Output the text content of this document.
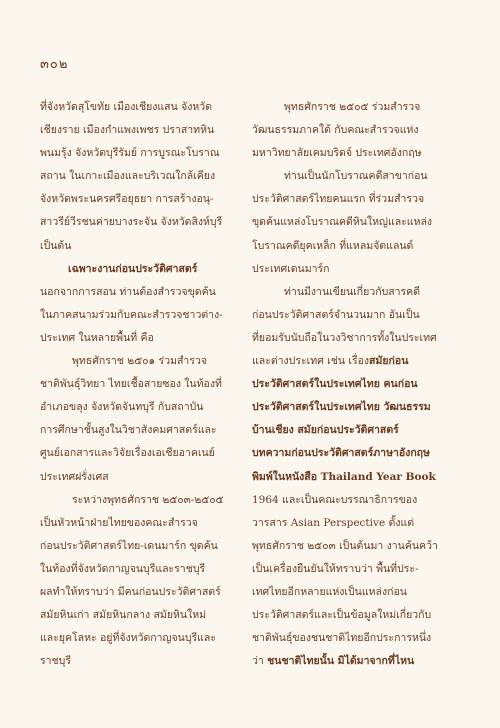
๓๐๒
ที่จังหวัดสุโขทัย เมืองเชียงแสน จังหวัด
เชียงราย เมืองกำแพงเพชร ปราสาทหิน
พนมรุ้ง จังหวัดบุรีรัมย์ การบูรณะโบราณ
สถาน ในเกาะเมืองและบริเวณใกล้เคียง
จังหวัดพระนครศรีอยุธยา การสร้างอนุ-
สาวรีย์วีรชนค่ายบางระจัน จังหวัดสิงห์บุรี
เป็นต้น
เฉพาะงานก่อนประวัติศาสตร์
นอกจากการสอน ท่านต้องสำรวจขุดค้น
ในภาคสนามร่วมกับคณะสำรวจชาวต่าง-
ประเทศ ในหลายพื้นที่ คือ
พุทธศักราช ๒๕๐๑ ร่วมสำรวจ
ชาติพันธุ์วิทยา ไทยเชื้อสายซอง ในท้องที่
อำเภอขลุง จังหวัดจันทบุรี กับสถาบัน
การศึกษาชั้นสูงในวิชาสังคมศาสตร์และ
ศูนย์เอกสารและวิจัยเรื่องเอเชียอาคเนย์
ประเทศฝรั่งเศส
ระหว่างพุทธศักราช ๒๕๐๓-๒๕๐๕
เป็นหัวหน้าฝ่ายไทยของคณะสำรวจ
ก่อนประวัติศาสตร์ไทย-เดนมาร์ก ขุดค้น
ในท้องที่จังหวัดกาญจนบุรีและราชบุรี
ผลทำให้ทราบว่า มีคนก่อนประวัติศาสตร์
สมัยหินเก่า สมัยหินกลาง สมัยหินใหม่
และยุคโลหะ อยู่ที่จังหวัดกาญจนบุรีและ
ราชบุรี
พุทธศักราช ๒๕๐๕ ร่วมสำรวจ
วัฒนธรรมภาคใต้ กับคณะสำรวจแห่ง
มหาวิทยาลัยเคมบริดจ์ ประเทศอังกฤษ
ท่านเป็นนักโบราณคดีสาขาก่อน
ประวัติศาสตร์ไทยคนแรก ที่ร่วมสำรวจ
ขุดค้นแหล่งโบราณคดีหินใหญ่และแหล่ง
โบราณคดียุคเหล็ก ที่แหลมจัตแลนด์
ประเทศเดนมาร์ก
ท่านมีงานเขียนเกี่ยวกับสารคดี
ก่อนประวัติศาสตร์จำนวนมาก อันเป็น
ที่ยอมรับนับถือในวงวิชาการทั้งในประเทศ
และต่างประเทศ เช่น เรื่องสมัยก่อน
ประวัติศาสตร์ในประเทศไทย คนก่อน
ประวัติศาสตร์ในประเทศไทย วัฒนธรรม
บ้านเชียง สมัยก่อนประวัติศาสตร์
บทความก่อนประวัติศาสตร์ภาษาอังกฤษ
พิมพ์ในหนังสือ Thailand Year Book
1964 และเป็นคณะบรรณาธิการของ
วารสาร Asian Perspective ตั้งแต่
พุทธศักราช ๒๕๐๓ เป็นต้นมา งานค้นคว้า
เป็นเครื่องยืนยันให้ทราบว่า พื้นที่ประ-
เทศไทยอีกหลายแห่งเป็นแหล่งก่อน
ประวัติศาสตร์และเป็นข้อมูลใหม่เกี่ยวกับ
ชาติพันธุ์ของชนชาติไทยอีกประการหนึ่ง
ว่า ชนชาติไทยนั้น มิได้มาจากที่ไหน
